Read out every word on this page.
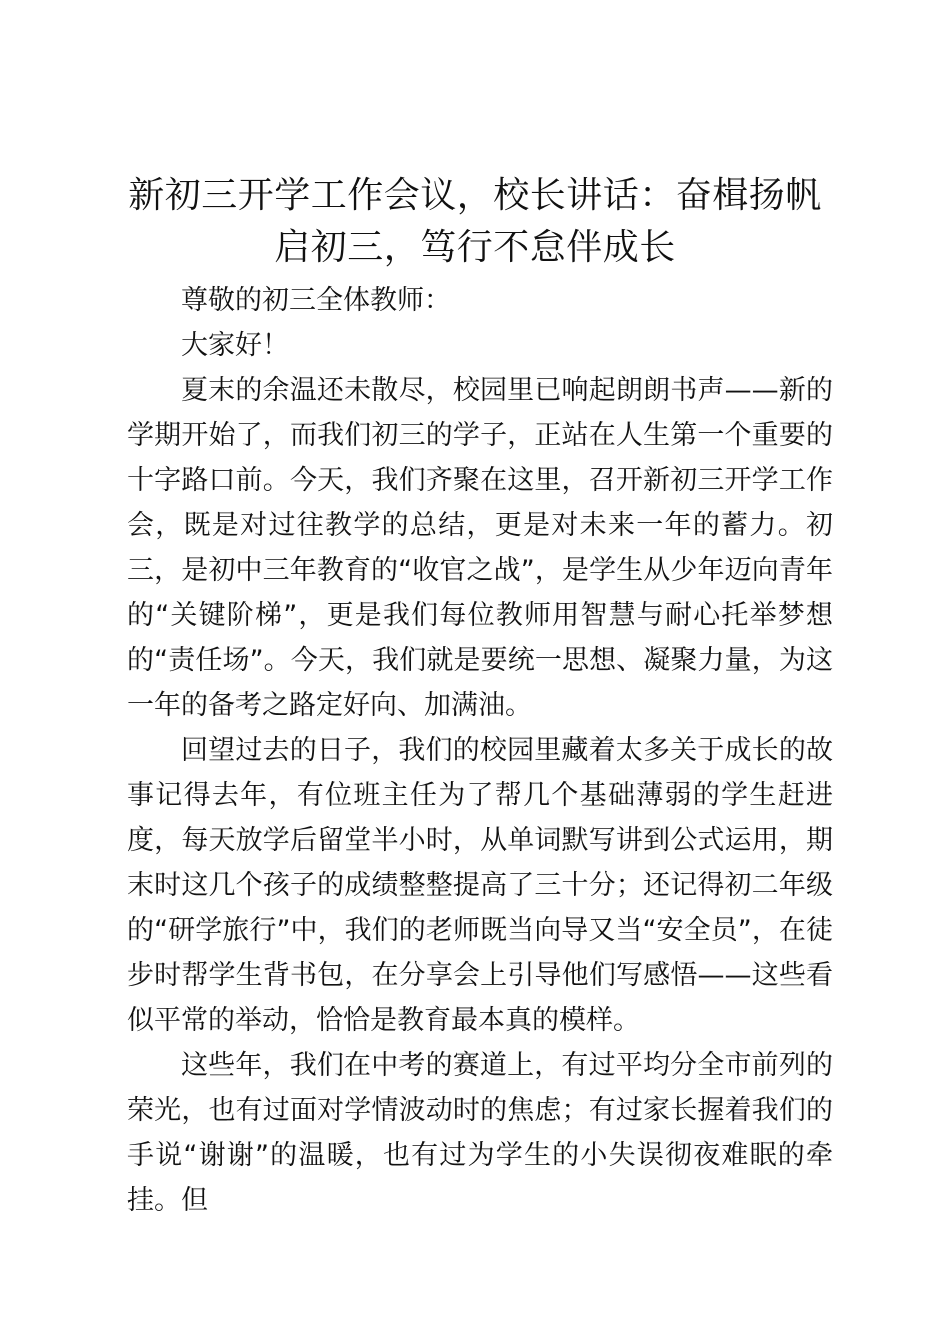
新初三开学工作会议，校长讲话：奋楫扬帆启初三，笃行不怠伴成长

尊敬的初三全体教师：

大家好！

夏末的余温还未散尽，校园里已响起朗朗书声——新的学期开始了，而我们初三的学子，正站在人生第一个重要的十字路口前。今天，我们齐聚在这里，召开新初三开学工作会，既是对过往教学的总结，更是对未来一年的蓄力。初三，是初中三年教育的“收官之战”，是学生从少年迈向青年的“关键阶梯”，更是我们每位教师用智慧与耐心托举梦想的“责任场”。今天，我们就是要统一思想、凝聚力量，为这一年的备考之路定好向、加满油。

回望过去的日子，我们的校园里藏着太多关于成长的故事记得去年，有位班主任为了帮几个基础薄弱的学生赶进度，每天放学后留堂半小时，从单词默写讲到公式运用，期末时这几个孩子的成绩整整提高了三十分；还记得初二年级的“研学旅行”中，我们的老师既当向导又当“安全员”，在徒步时帮学生背书包，在分享会上引导他们写感悟——这些看似平常的举动，恰恰是教育最本真的模样。

这些年，我们在中考的赛道上，有过平均分全市前列的荣光，也有过面对学情波动时的焦虑；有过家长握着我们的手说“谢谢”的温暖，也有过为学生的小失误彻夜难眠的牵挂。但
